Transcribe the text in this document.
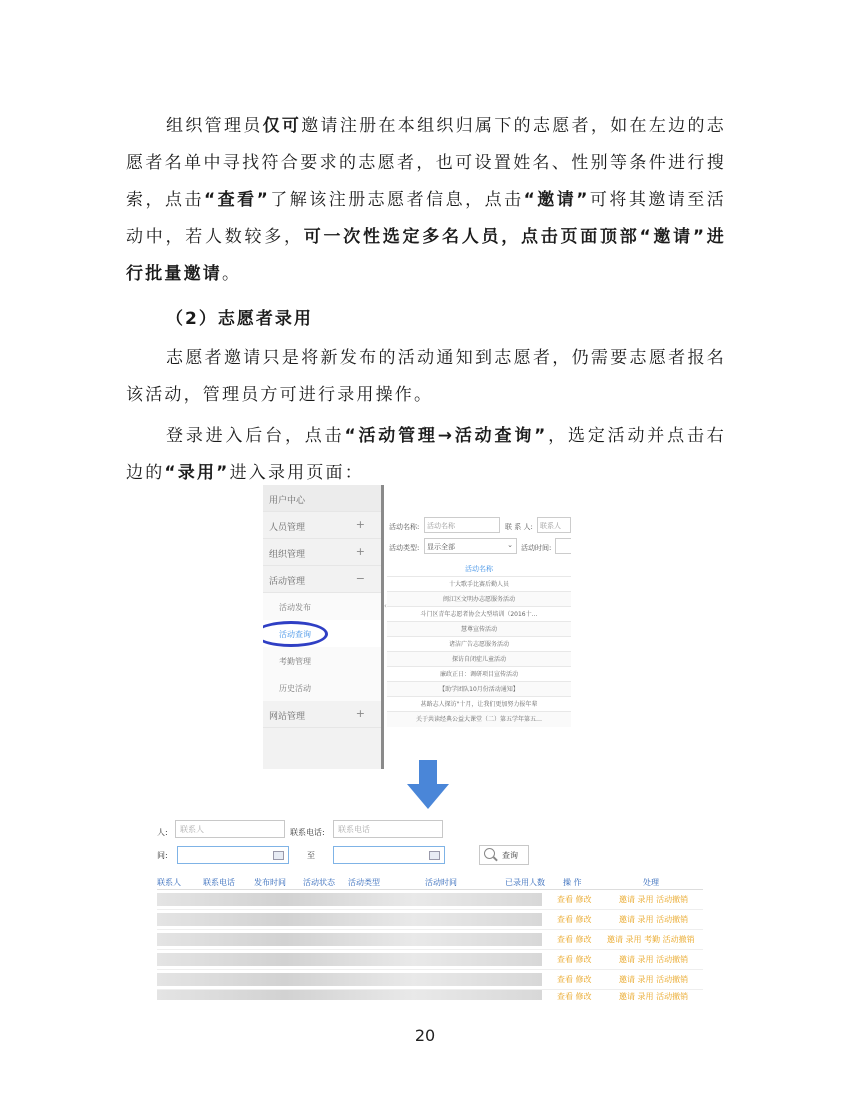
组织管理员仅可邀请注册在本组织归属下的志愿者，如在左边的志愿者名单中寻找符合要求的志愿者，也可设置姓名、性别等条件进行搜索，点击“查看”了解该注册志愿者信息，点击“邀请”可将其邀请至活动中，若人数较多，可一次性选定多名人员，点击页面顶部“邀请”进行批量邀请。

（2）志愿者录用

志愿者邀请只是将新发布的活动通知到志愿者，仍需要志愿者报名该活动，管理员方可进行录用操作。

登录进入后台，点击“活动管理→活动查询”，选定活动并点击右边的“录用”进入录用页面：

用户中心
人员管理	+
组织管理	+
活动管理	−
活动发布
活动查询
考勤管理
历史活动
网站管理	+
‹
活动名称:	活动名称	联 系 人:	联系人
活动类型:	显示全部	⌄ 活动时间:
活动名称
十大歌手比赛后勤人员
闽江区文明办志愿服务活动
斗门区青年志愿者协会大型培训（2016十…
慧尊宣传活动
诸洁广告志愿服务活动
探访自闭症儿童活动
廉政正日：调研项目宣传活动
【助学团队10月份活动通知】
甚路志人探访"十月，让我们更加努力报年辈
关于共读经典公益大课堂（二）第五学年第五…
人:	联系人	联系电话:	联系电话
间:	至	查询
联系人	联系电话 发布时间 活动状态 活动类型	活动时间	已录用人数 操 作	处理
查看 修改	邀请 录用 活动撤销
查看 修改	邀请 录用 活动撤销
查看 修改 邀请 录用 考勤 活动撤销
查看 修改	邀请 录用 活动撤销
查看 修改	邀请 录用 活动撤销
查看 修改	邀请 录用 活动撤销
20
